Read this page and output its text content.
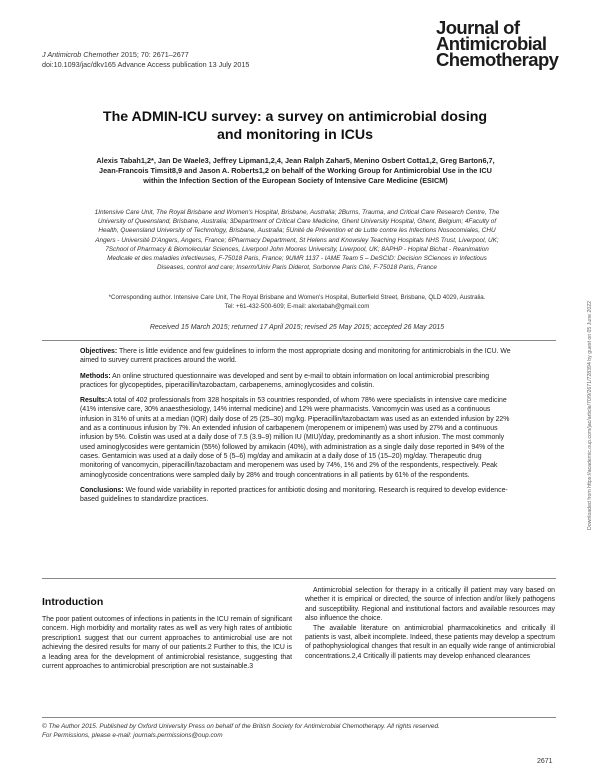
J Antimicrob Chemother 2015; 70: 2671–2677
doi:10.1093/jac/dkv165 Advance Access publication 13 July 2015
Journal of
Antimicrobial
Chemotherapy
Downloaded from https://academic.oup.com/jac/article/70/9/2671/728394 by guest on 05 June 2022
The ADMIN-ICU survey: a survey on antimicrobial dosing
and monitoring in ICUs
Alexis Tabah1,2*, Jan De Waele3, Jeffrey Lipman1,2,4, Jean Ralph Zahar5, Menino Osbert Cotta1,2, Greg Barton6,7,
Jean-Francois Timsit8,9 and Jason A. Roberts1,2 on behalf of the Working Group for Antimicrobial Use in the ICU
within the Infection Section of the European Society of Intensive Care Medicine (ESICM)
1Intensive Care Unit, The Royal Brisbane and Women's Hospital, Brisbane, Australia; 2Burns, Trauma, and Critical Care Research Centre, The
University of Queensland, Brisbane, Australia; 3Department of Critical Care Medicine, Ghent University Hospital, Ghent, Belgium; 4Faculty of
Health, Queensland University of Technology, Brisbane, Australia; 5Unité de Prévention et de Lutte contre les Infections Nosocomiales, CHU
Angers - Université D'Angers, Angers, France; 6Pharmacy Department, St Helens and Knowsley Teaching Hospitals NHS Trust, Liverpool, UK;
7School of Pharmacy & Biomolecular Sciences, Liverpool John Moores University, Liverpool, UK; 8APHP - Hopital Bichat - Reanimation
Medicale et des maladies infectieuses, F-75018 Paris, France; 9UMR 1137 - IAME Team 5 – DeSCID: Decision SCiences in Infectious
Diseases, control and care; Inserm/Univ Paris Diderot, Sorbonne Paris Cité, F-75018 Paris, France
*Corresponding author. Intensive Care Unit, The Royal Brisbane and Women's Hospital, Butterfield Street, Brisbane, QLD 4029, Australia.
Tel: +61-432-500-609; E-mail: alextabah@gmail.com
Received 15 March 2015; returned 17 April 2015; revised 25 May 2015; accepted 26 May 2015

Objectives: There is little evidence and few guidelines to inform the most appropriate dosing and monitoring for antimicrobials in the ICU. We aimed to survey current practices around the world.

Methods: An online structured questionnaire was developed and sent by e-mail to obtain information on local antimicrobial prescribing practices for glycopeptides, piperacillin/tazobactam, carbapenems, aminoglycosides and colistin.

Results:A total of 402 professionals from 328 hospitals in 53 countries responded, of whom 78% were specialists in intensive care medicine (41% intensive care, 30% anaesthesiology, 14% internal medicine) and 12% were pharmacists. Vancomycin was used as a continuous infusion in 31% of units at a median (IQR) daily dose of 25 (25–30) mg/kg. Piperacillin/tazobactam was used as an extended infusion by 22% and as a continuous infusion by 7%. An extended infusion of carbapenem (meropenem or imipenem) was used by 27% and a continuous infusion by 5%. Colistin was used at a daily dose of 7.5 (3.9–9) million IU (MIU)/day, predominantly as a short infusion. The most commonly used aminoglycosides were gentamicin (55%) followed by amikacin (40%), with administration as a single daily dose reported in 94% of the cases. Gentamicin was used at a daily dose of 5 (5–6) mg/day and amikacin at a daily dose of 15 (15–20) mg/day. Therapeutic drug monitoring of vancomycin, piperacillin/tazobactam and meropenem was used by 74%, 1% and 2% of the respondents, respectively. Peak aminoglycoside concentrations were sampled daily by 28% and trough concentrations in all patients by 61% of the respondents.

Conclusions: We found wide variability in reported practices for antibiotic dosing and monitoring. Research is required to develop evidence-based guidelines to standardize practices.

Introduction

The poor patient outcomes of infections in patients in the ICU remain of significant concern. High morbidity and mortality rates as well as very high rates of antibiotic prescription1 suggest that our current approaches to antimicrobial use are not achieving the desired results for many of our patients.2 Further to this, the ICU is a leading area for the development of antimicrobial resistance, suggesting that current approaches to antimicrobial prescription are not sustainable.3

Antimicrobial selection for therapy in a critically ill patient may vary based on whether it is empirical or directed, the source of infection and/or likely pathogens and susceptibility. Regional and institutional factors and available resources may also influence the choice.

The available literature on antimicrobial pharmacokinetics and critically ill patients is vast, albeit incomplete. Indeed, these patients may develop a spectrum of pathophysiological changes that result in an equally wide range of antimicrobial concentrations.2,4 Critically ill patients may develop enhanced clearances

© The Author 2015. Published by Oxford University Press on behalf of the British Society for Antimicrobial Chemotherapy. All rights reserved.
For Permissions, please e-mail: journals.permissions@oup.com
2671
